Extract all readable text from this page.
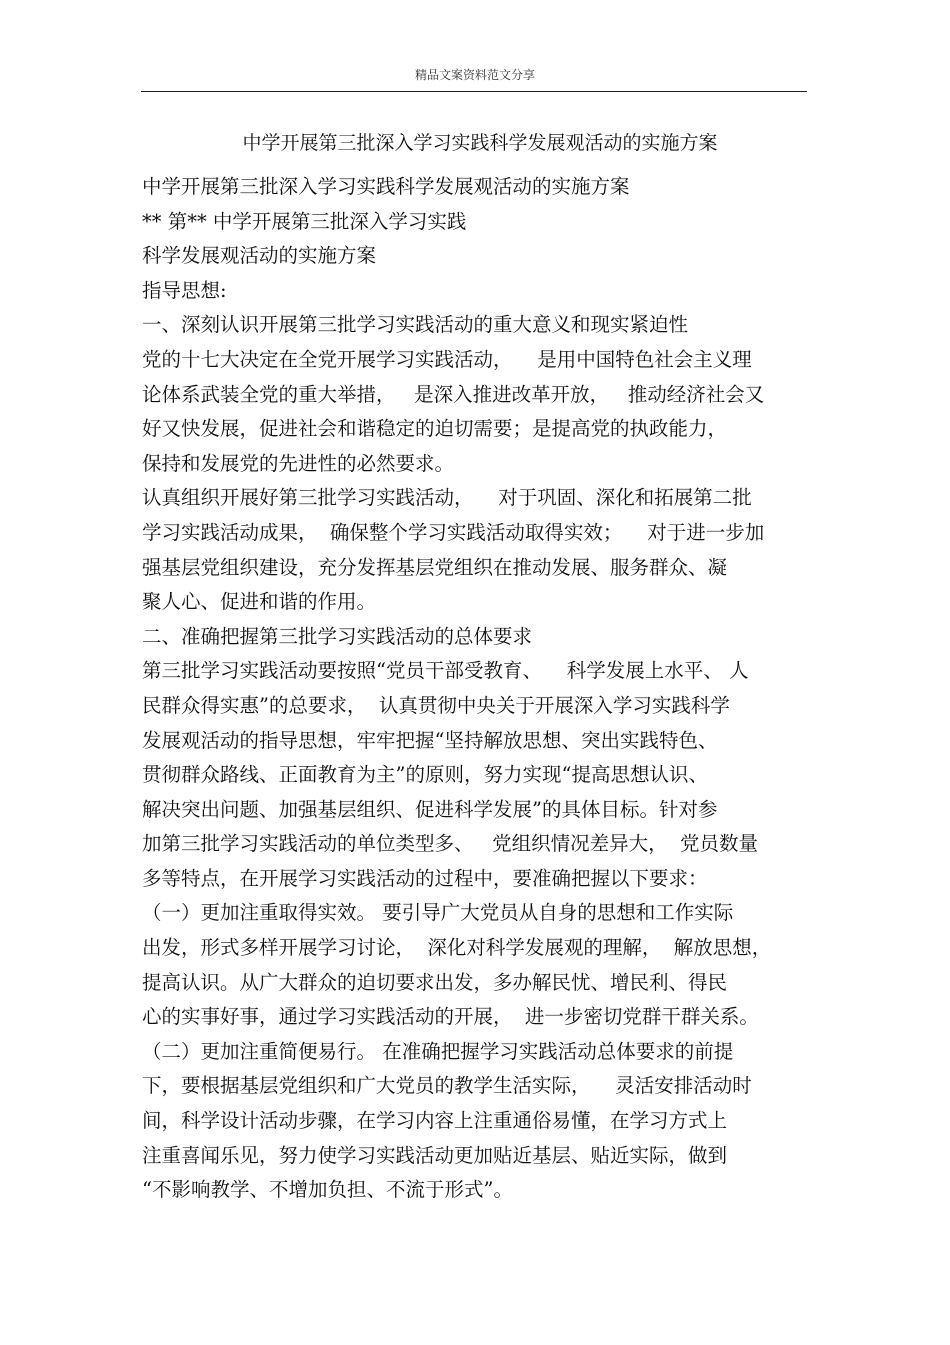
精品文案资料范文分享
中学开展第三批深入学习实践科学发展观活动的实施方案
中学开展第三批深入学习实践科学发展观活动的实施方案
** 第** 中学开展第三批深入学习实践
科学发展观活动的实施方案
指导思想:
一、深刻认识开展第三批学习实践活动的重大意义和现实紧迫性
党的十七大决定在全党开展学习实践活动，    是用中国特色社会主义理
论体系武装全党的重大举措，   是深入推进改革开放，   推动经济社会又
好又快发展，促进社会和谐稳定的迫切需要；是提高党的执政能力，
保持和发展党的先进性的必然要求。
认真组织开展好第三批学习实践活动，    对于巩固、深化和拓展第二批
学习实践活动成果，  确保整个学习实践活动取得实效；    对于进一步加
强基层党组织建设，充分发挥基层党组织在推动发展、服务群众、凝
聚人心、促进和谐的作用。
二、准确把握第三批学习实践活动的总体要求
第三批学习实践活动要按照“党员干部受教育、    科学发展上水平、 人
民群众得实惠”的总要求，  认真贯彻中央关于开展深入学习实践科学
发展观活动的指导思想，牢牢把握“坚持解放思想、突出实践特色、
贯彻群众路线、正面教育为主”的原则，努力实现“提高思想认识、
解决突出问题、加强基层组织、促进科学发展”的具体目标。针对参
加第三批学习实践活动的单位类型多、   党组织情况差异大，  党员数量
多等特点，在开展学习实践活动的过程中，要准确把握以下要求：
（一）更加注重取得实效。 要引导广大党员从自身的思想和工作实际
出发，形式多样开展学习讨论，  深化对科学发展观的理解，  解放思想，
提高认识。从广大群众的迫切要求出发，多办解民忧、增民利、得民
心的实事好事，通过学习实践活动的开展，  进一步密切党群干群关系。
（二）更加注重简便易行。 在准确把握学习实践活动总体要求的前提
下，要根据基层党组织和广大党员的教学生活实际，    灵活安排活动时
间，科学设计活动步骤，在学习内容上注重通俗易懂，在学习方式上
注重喜闻乐见，努力使学习实践活动更加贴近基层、贴近实际，做到
“不影响教学、不增加负担、不流于形式”。
